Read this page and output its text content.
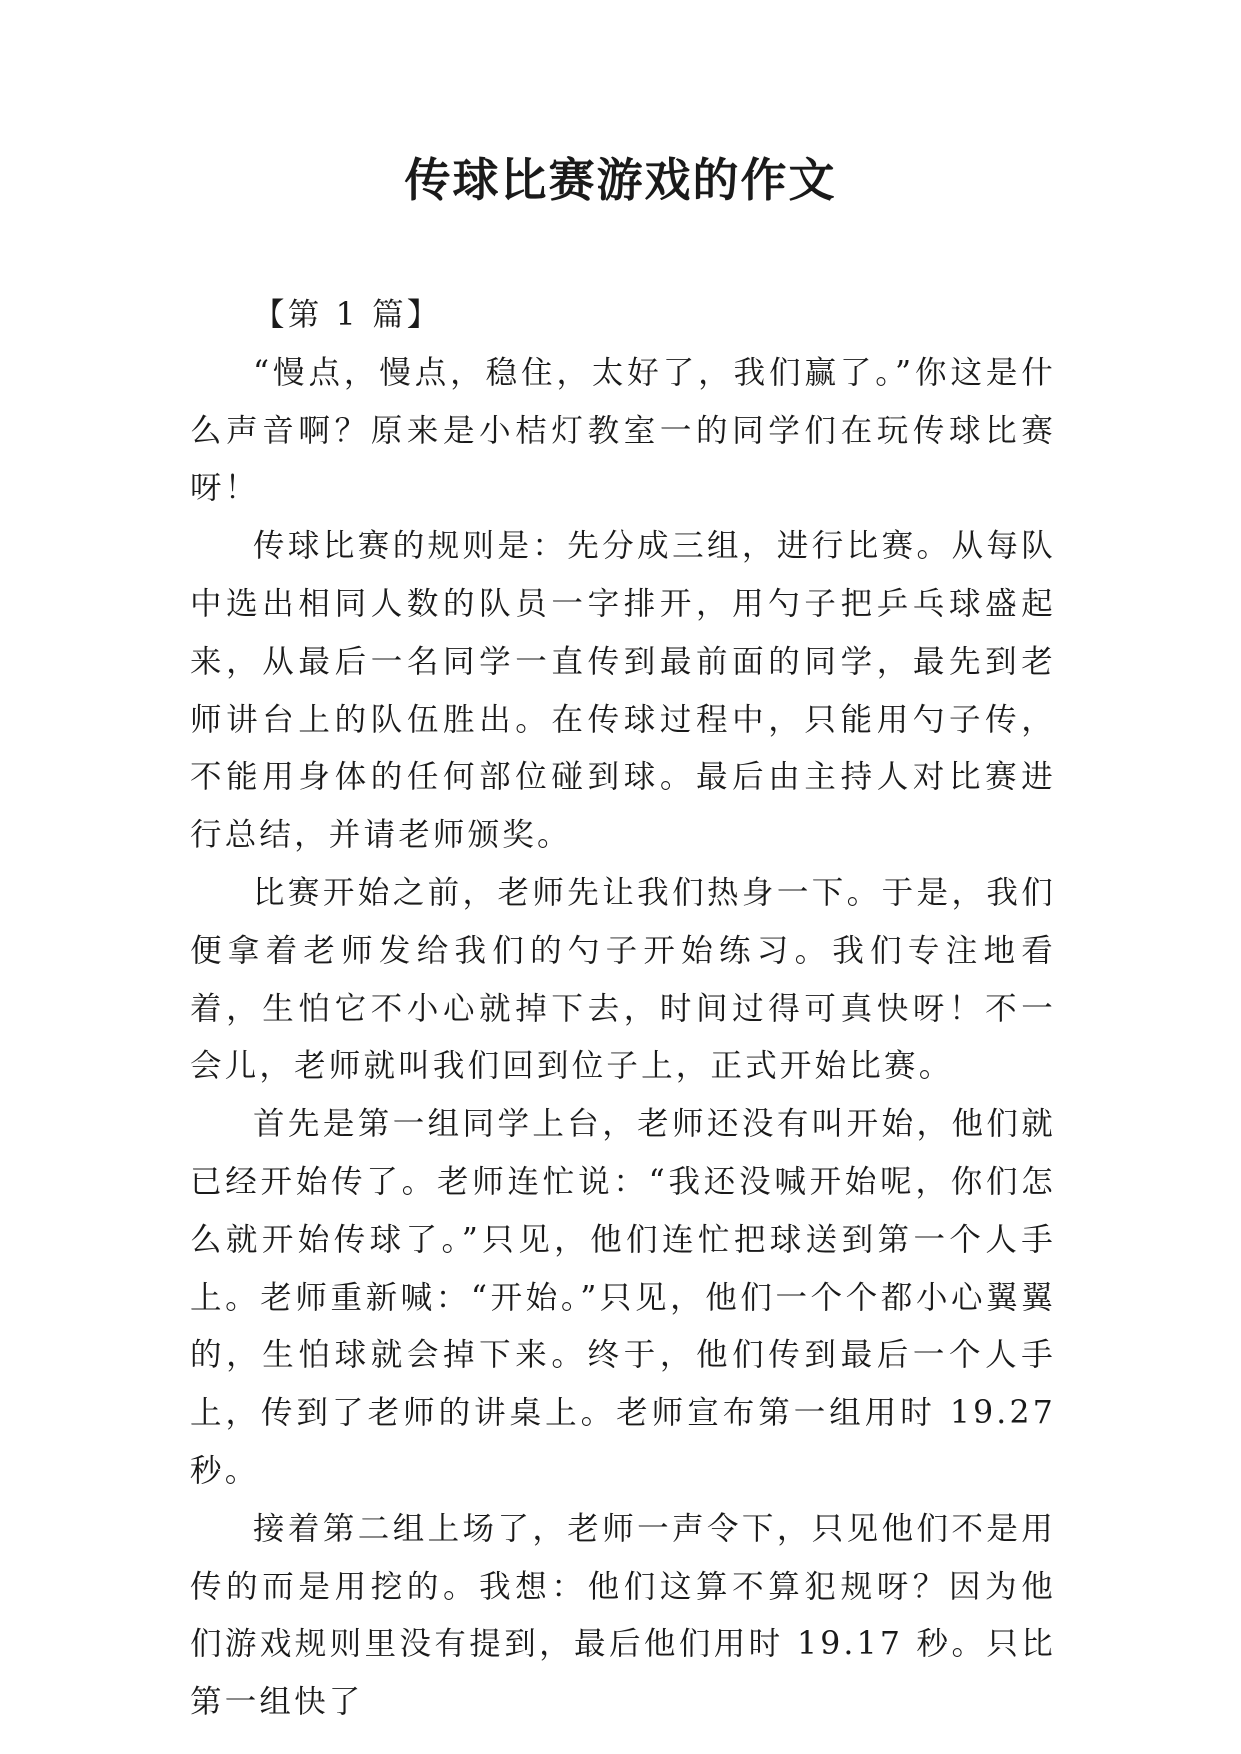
传球比赛游戏的作文

【第 1 篇】

“慢点，慢点，稳住，太好了，我们赢了。”你这是什么声音啊？原来是小桔灯教室一的同学们在玩传球比赛呀！

传球比赛的规则是：先分成三组，进行比赛。从每队中选出相同人数的队员一字排开，用勺子把乒乓球盛起来，从最后一名同学一直传到最前面的同学，最先到老师讲台上的队伍胜出。在传球过程中，只能用勺子传，不能用身体的任何部位碰到球。最后由主持人对比赛进行总结，并请老师颁奖。

比赛开始之前，老师先让我们热身一下。于是，我们便拿着老师发给我们的勺子开始练习。我们专注地看着，生怕它不小心就掉下去，时间过得可真快呀！不一会儿，老师就叫我们回到位子上，正式开始比赛。

首先是第一组同学上台，老师还没有叫开始，他们就已经开始传了。老师连忙说：“我还没喊开始呢，你们怎么就开始传球了。”只见，他们连忙把球送到第一个人手上。老师重新喊：“开始。”只见，他们一个个都小心翼翼的，生怕球就会掉下来。终于，他们传到最后一个人手上，传到了老师的讲桌上。老师宣布第一组用时 19.27 秒。

接着第二组上场了，老师一声令下，只见他们不是用传的而是用挖的。我想：他们这算不算犯规呀？因为他们游戏规则里没有提到，最后他们用时 19.17 秒。只比第一组快了
